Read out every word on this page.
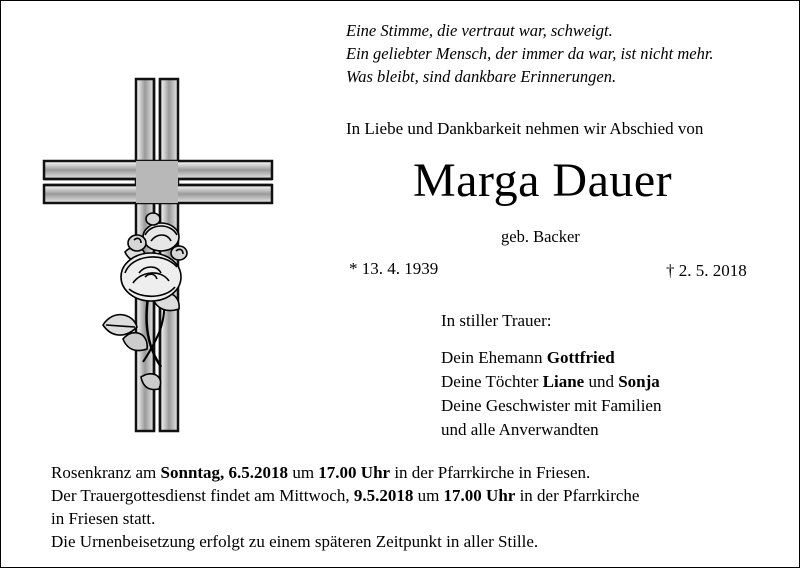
Eine Stimme, die vertraut war, schweigt.
Ein geliebter Mensch, der immer da war, ist nicht mehr.
Was bleibt, sind dankbare Erinnerungen.
In Liebe und Dankbarkeit nehmen wir Abschied von
Marga Dauer
geb. Backer
* 13. 4. 1939	† 2. 5. 2018
In stiller Trauer:
Dein Ehemann Gottfried
Deine Töchter Liane und Sonja
Deine Geschwister mit Familien
und alle Anverwandten
Rosenkranz am Sonntag, 6.5.2018 um 17.00 Uhr in der Pfarrkirche in Friesen.
Der Trauergottesdienst findet am Mittwoch, 9.5.2018 um 17.00 Uhr in der Pfarrkirche
in Friesen statt.
Die Urnenbeisetzung erfolgt zu einem späteren Zeitpunkt in aller Stille.
